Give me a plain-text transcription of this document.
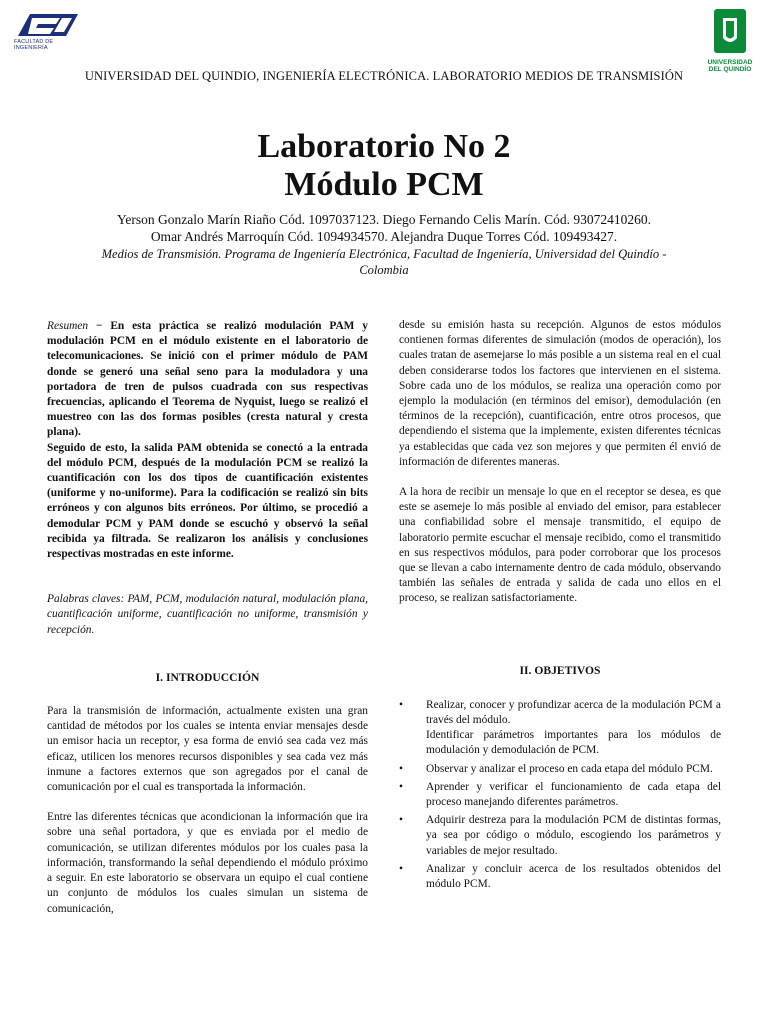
FACULTAD DE INGENIERÍA
UNIVERSIDAD
DEL QUINDÍO
UNIVERSIDAD DEL QUINDIO, INGENIERÍA ELECTRÓNICA. LABORATORIO MEDIOS DE TRANSMISIÓN
Laboratorio No 2
Módulo PCM
Yerson Gonzalo Marín Riaño Cód. 1097037123. Diego Fernando Celis Marín. Cód. 93072410260.
Omar Andrés Marroquín Cód. 1094934570. Alejandra Duque Torres Cód. 109493427.
Medios de Transmisión. Programa de Ingeniería Electrónica, Facultad de Ingeniería, Universidad del Quindío - Colombia

Resumen − En esta práctica se realizó modulación PAM y modulación PCM en el módulo existente en el laboratorio de telecomunicaciones. Se inició con el primer módulo de PAM donde se generó una señal seno para la moduladora y una portadora de tren de pulsos cuadrada con sus respectivas frecuencias, aplicando el Teorema de Nyquist, luego se realizó el muestreo con las dos formas posibles (cresta natural y cresta plana).

Seguido de esto, la salida PAM obtenida se conectó a la entrada del módulo PCM, después de la modulación PCM se realizó la cuantificación con los dos tipos de cuantificación existentes (uniforme y no-uniforme). Para la codificación se realizó sin bits erróneos y con algunos bits erróneos. Por último, se procedió a demodular PCM y PAM donde se escuchó y observó la señal recibida ya filtrada. Se realizaron los análisis y conclusiones respectivas mostradas en este informe.

Palabras claves: PAM, PCM, modulación natural, modulación plana, cuantificación uniforme, cuantificación no uniforme, transmisión y recepción.

I. INTRODUCCIÓN

Para la transmisión de información, actualmente existen una gran cantidad de métodos por los cuales se intenta enviar mensajes desde un emisor hacia un receptor, y esa forma de envió sea cada vez más eficaz, utilicen los menores recursos disponibles y sea cada vez más inmune a factores externos que son agregados por el canal de comunicación por el cual es transportada la información.

Entre las diferentes técnicas que acondicionan la información que ira sobre una señal portadora, y que es enviada por el medio de comunicación, se utilizan diferentes módulos por los cuales pasa la información, transformando la señal dependiendo el módulo próximo a seguir. En este laboratorio se observara un equipo el cual contiene un conjunto de módulos los cuales simulan un sistema de comunicación,

desde su emisión hasta su recepción. Algunos de estos módulos contienen formas diferentes de simulación (modos de operación), los cuales tratan de asemejarse lo más posible a un sistema real en el cual deben considerarse todos los factores que intervienen en el sistema. Sobre cada uno de los módulos, se realiza una operación como por ejemplo la modulación (en términos del emisor), demodulación (en términos de la recepción), cuantificación, entre otros procesos, que dependiendo el sistema que la implemente, existen diferentes técnicas ya establecidas que cada vez son mejores y que permiten él envió de información de diferentes maneras.

A la hora de recibir un mensaje lo que en el receptor se desea, es que este se asemeje lo más posible al enviado del emisor, para establecer una confiabilidad sobre el mensaje transmitido, el equipo de laboratorio permite escuchar el mensaje recibido, como el transmitido en sus respectivos módulos, para poder corroborar que los procesos que se llevan a cabo internamente dentro de cada módulo, observando también las señales de entrada y salida de cada uno ellos en el proceso, se realizan satisfactoriamente.

II. OBJETIVOS

• Realizar, conocer y profundizar acerca de la modulación PCM a través del módulo.
Identificar parámetros importantes para los módulos de modulación y demodulación de PCM.
• Observar y analizar el proceso en cada etapa del módulo PCM.
• Aprender y verificar el funcionamiento de cada etapa del proceso manejando diferentes parámetros.
• Adquirir destreza para la modulación PCM de distintas formas, ya sea por código o módulo, escogiendo los parámetros y variables de mejor resultado.
• Analizar y concluir acerca de los resultados obtenidos del módulo PCM.
